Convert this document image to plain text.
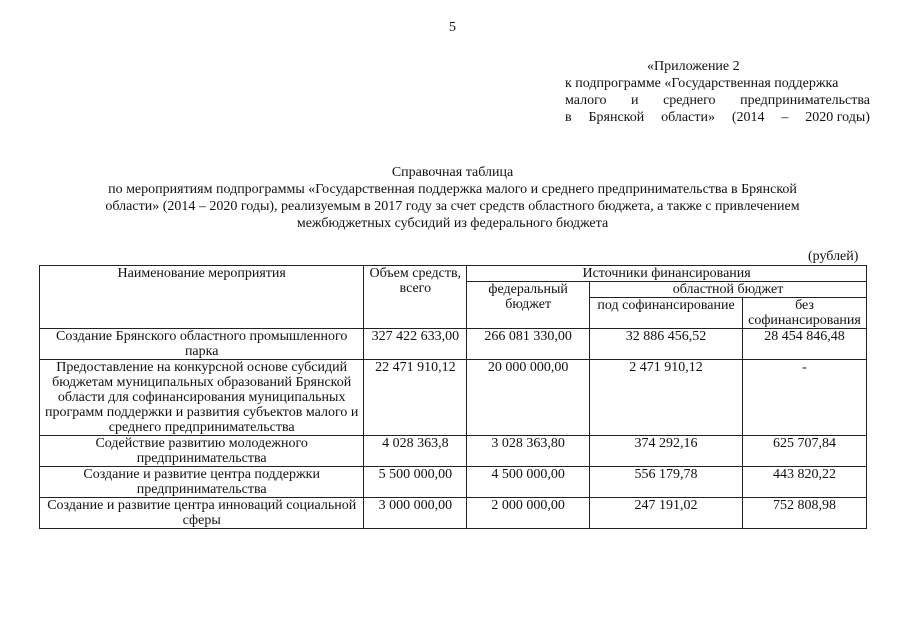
5
«Приложение 2
к подпрограмме «Государственная поддержка
малого и среднего предпринимательства
в Брянской области» (2014 – 2020 годы)
Справочная таблица
по мероприятиям подпрограммы «Государственная поддержка малого и среднего предпринимательства в Брянской
области» (2014 – 2020 годы), реализуемым в 2017 году за счет средств областного бюджета, а также с привлечением
межбюджетных субсидий из федерального бюджета
(рублей)
Наименование мероприятия	Объем средств, всего	Источники финансирования		
		федеральный бюджет	областной бюджет	
			под софинансирование	без софинансирования
Создание Брянского областного промышленного парка	327 422 633,00	266 081 330,00	32 886 456,52	28 454 846,48
Предоставление на конкурсной основе субсидий бюджетам муниципальных образований Брянской области для софинансирования муниципальных программ поддержки и развития субъектов малого и среднего предпринимательства	22 471 910,12	20 000 000,00	2 471 910,12	-
Содействие развитию молодежного предпринимательства	4 028 363,8	3 028 363,80	374 292,16	625 707,84
Создание и развитие центра поддержки предпринимательства	5 500 000,00	4 500 000,00	556 179,78	443 820,22
Создание и развитие центра инноваций социальной сферы	3 000 000,00	2 000 000,00	247 191,02	752 808,98
